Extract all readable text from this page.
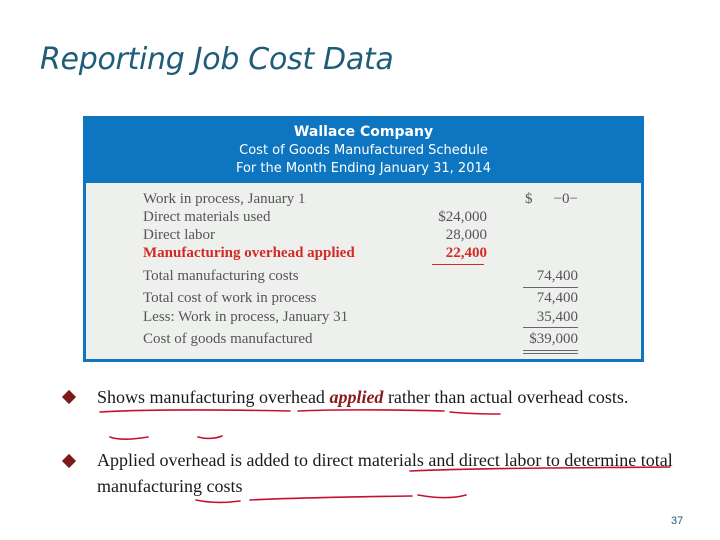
Reporting Job Cost Data
Wallace Company
Cost of Goods Manufactured Schedule
For the Month Ending January 31, 2014
Work in process, January 1	$ −0−
Direct materials used	$24,000
Direct labor	28,000
Manufacturing overhead applied	22,400
Total manufacturing costs	74,400
Total cost of work in process	74,400
Less: Work in process, January 31	35,400
Cost of goods manufactured	$39,000
Shows manufacturing overhead applied rather than actual overhead costs.
Applied overhead is added to direct materials and direct labor to determine total manufacturing costs
37
